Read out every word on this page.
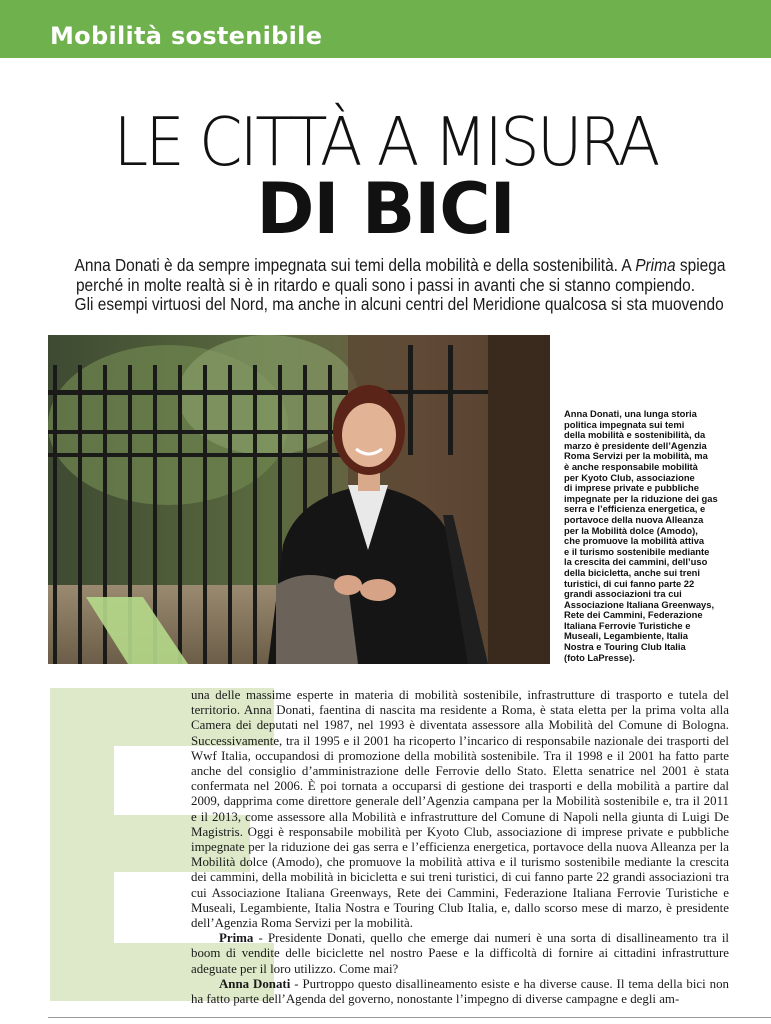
Mobilità sostenibile
LE CITTÀ A MISURA
DI BICI
Anna Donati è da sempre impegnata sui temi della mobilità e della sostenibilità. A Prima spiega
perché in molte realtà si è in ritardo e quali sono i passi in avanti che si stanno compiendo.
Gli esempi virtuosi del Nord, ma anche in alcuni centri del Meridione qualcosa si sta muovendo
Anna Donati, una lunga storia
politica impegnata sui temi
della mobilità e sostenibilità, da
marzo è presidente dell’Agenzia
Roma Servizi per la mobilità, ma
è anche responsabile mobilità
per Kyoto Club, associazione
di imprese private e pubbliche
impegnate per la riduzione dei gas
serra e l’efficienza energetica, e
portavoce della nuova Alleanza
per la Mobilità dolce (Amodo),
che promuove la mobilità attiva
e il turismo sostenibile mediante
la crescita dei cammini, dell’uso
della bicicletta, anche sui treni
turistici, di cui fanno parte 22
grandi associazioni tra cui
Associazione Italiana Greenways,
Rete dei Cammini, Federazione
Italiana Ferrovie Turistiche e
Museali, Legambiente, Italia
Nostra e Touring Club Italia
(foto LaPresse).
E	una delle massime esperte in materia di mobilità sostenibile, infrastrutture di trasporto e tutela del territorio. Anna Donati, faentina di nascita ma residente a Roma, è stata eletta per la prima volta alla Camera dei deputati nel 1987, nel 1993 è diventata assessore alla Mobilità del Comune di Bologna. Successivamente, tra il 1995 e il 2001 ha ricoperto l’incarico di responsabile nazionale dei trasporti del Wwf Italia, occupandosi di promozione della mobilità sostenibile. Tra il 1998 e il 2001 ha fatto parte anche del consiglio d’amministrazione delle Ferrovie dello Stato. Eletta senatrice nel 2001 è stata confermata nel 2006. È poi tornata a occuparsi di gestione dei trasporti e della mobilità a partire dal 2009, dapprima come direttore generale dell’Agenzia campana per la Mobilità sostenibile e, tra il 2011 e il 2013, come assessore alla Mobilità e infrastrutture del Comune di Napoli nella giunta di Luigi De Magistris. Oggi è responsabile mobilità per Kyoto Club, associazione di imprese private e pubbliche impegnate per la riduzione dei gas serra e l’efficienza energetica, portavoce della nuova Alleanza per la Mobilità dolce (Amodo), che promuove la mobilità attiva e il turismo sostenibile mediante la crescita dei cammini, della mobilità in bicicletta e sui treni turistici, di cui fanno parte 22 grandi associazioni tra cui Associazione Italiana Greenways, Rete dei Cammini, Federazione Italiana Ferrovie Turistiche e Museali, Legambiente, Italia Nostra e Touring Club Italia, e, dallo scorso mese di marzo, è presidente dell’Agenzia Roma Servizi per la mobilità.

Prima - Presidente Donati, quello che emerge dai numeri è una sorta di disallineamento tra il boom di vendite delle biciclette nel nostro Paese e la difficoltà di fornire ai cittadini infrastrutture adeguate per il loro utilizzo. Come mai?

Anna Donati - Purtroppo questo disallineamento esiste e ha diverse cause. Il tema della bici non ha fatto parte dell’Agenda del governo, nonostante l’impegno di diverse campagne e degli am-
